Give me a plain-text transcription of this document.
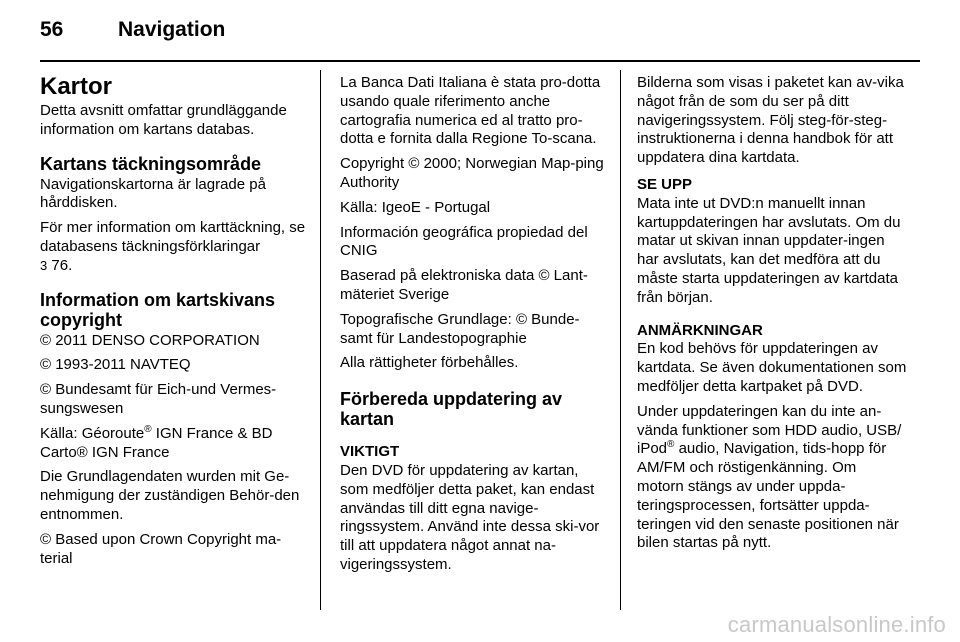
56	Navigation
Kartor

Detta avsnitt omfattar grundläggande information om kartans databas.

Kartans täckningsområde

Navigationskartorna är lagrade på hårddisken.

För mer information om karttäckning, se databasens täckningsförklaringar
3 76.

Information om kartskivans copyright

© 2011 DENSO CORPORATION

© 1993-2011 NAVTEQ

© Bundesamt für Eich-und Vermes-sungswesen

Källa: Géoroute® IGN France & BD Carto® IGN France

Die Grundlagendaten wurden mit Ge-nehmigung der zuständigen Behör-den entnommen.

© Based upon Crown Copyright ma-terial

La Banca Dati Italiana è stata pro-dotta usando quale riferimento anche cartografia numerica ed al tratto pro-dotta e fornita dalla Regione To-scana.

Copyright © 2000; Norwegian Map-ping Authority

Källa: IgeoE - Portugal

Información geográfica propiedad del CNIG

Baserad på elektroniska data © Lant-mäteriet Sverige

Topografische Grundlage: © Bunde-samt für Landestopographie

Alla rättigheter förbehålles.

Förbereda uppdatering av kartan
VIKTIGT

Den DVD för uppdatering av kartan, som medföljer detta paket, kan endast användas till ditt egna navige-ringssystem. Använd inte dessa ski-vor till att uppdatera något annat na-vigeringssystem.

Bilderna som visas i paketet kan av-vika något från de som du ser på ditt navigeringssystem. Följ steg-för-steg-instruktionerna i denna handbok för att uppdatera dina kartdata.

SE UPP

Mata inte ut DVD:n manuellt innan kartuppdateringen har avslutats. Om du matar ut skivan innan uppdater-ingen har avslutats, kan det medföra att du måste starta uppdateringen av kartdata från början.

ANMÄRKNINGAR

En kod behövs för uppdateringen av kartdata. Se även dokumentationen som medföljer detta kartpaket på DVD.

Under uppdateringen kan du inte an-vända funktioner som HDD audio, USB/ iPod® audio, Navigation, tids-hopp för AM/FM och röstigenkänning. Om motorn stängs av under uppda-teringsprocessen, fortsätter uppda-teringen vid den senaste positionen när bilen startas på nytt.

carmanualsonline.info
